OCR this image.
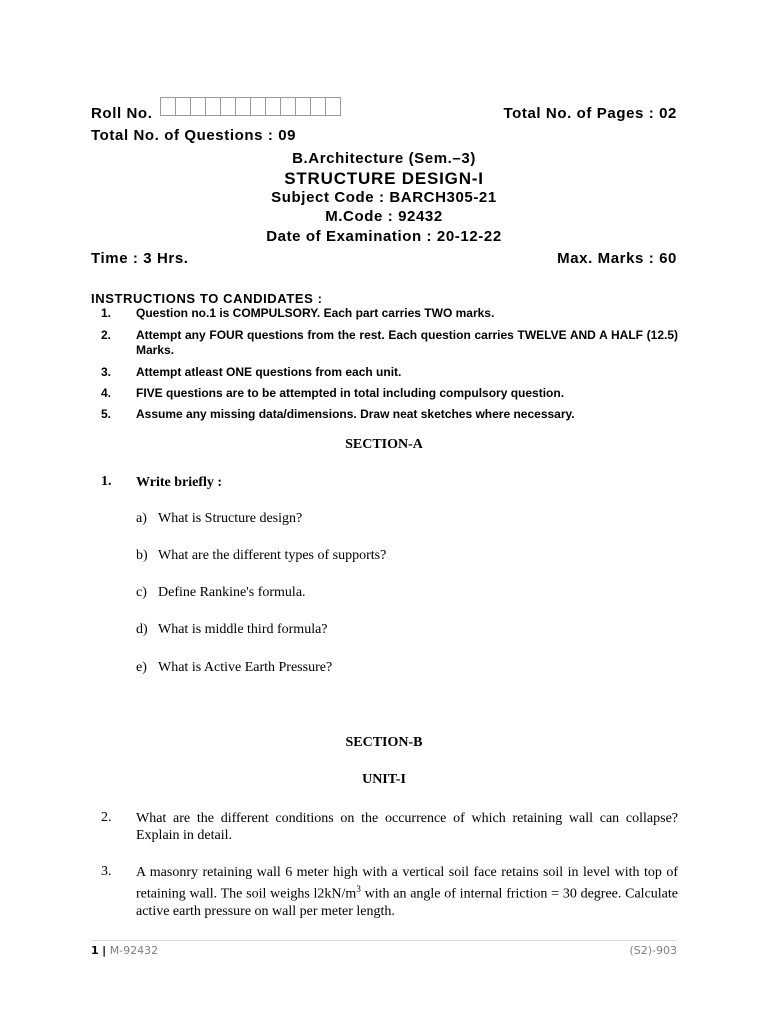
Roll No.	Total No. of Pages : 02
Total No. of Questions : 09
B.Architecture (Sem.–3)
STRUCTURE DESIGN-I
Subject Code : BARCH305-21
M.Code : 92432
Date of Examination : 20-12-22
Time : 3 Hrs.	Max. Marks : 60
INSTRUCTIONS TO CANDIDATES :
1. Question no.1 is COMPULSORY. Each part carries TWO marks.
2. Attempt any FOUR questions from the rest. Each question carries TWELVE AND A HALF (12.5) Marks.
3. Attempt atleast ONE questions from each unit.
4. FIVE questions are to be attempted in total including compulsory question.
5. Assume any missing data/dimensions. Draw neat sketches where necessary.
SECTION-A
1. Write briefly :
a) What is Structure design?
b) What are the different types of supports?
c) Define Rankine's formula.
d) What is middle third formula?
e) What is Active Earth Pressure?
SECTION-B
UNIT-I
2. What are the different conditions on the occurrence of which retaining wall can collapse? Explain in detail.
3. A masonry retaining wall 6 meter high with a vertical soil face retains soil in level with top of retaining wall. The soil weighs $l2kN/m^3$ with an angle of internal friction = 30 degree. Calculate active earth pressure on wall per meter length.
1 | M-92432	(S2)-903
